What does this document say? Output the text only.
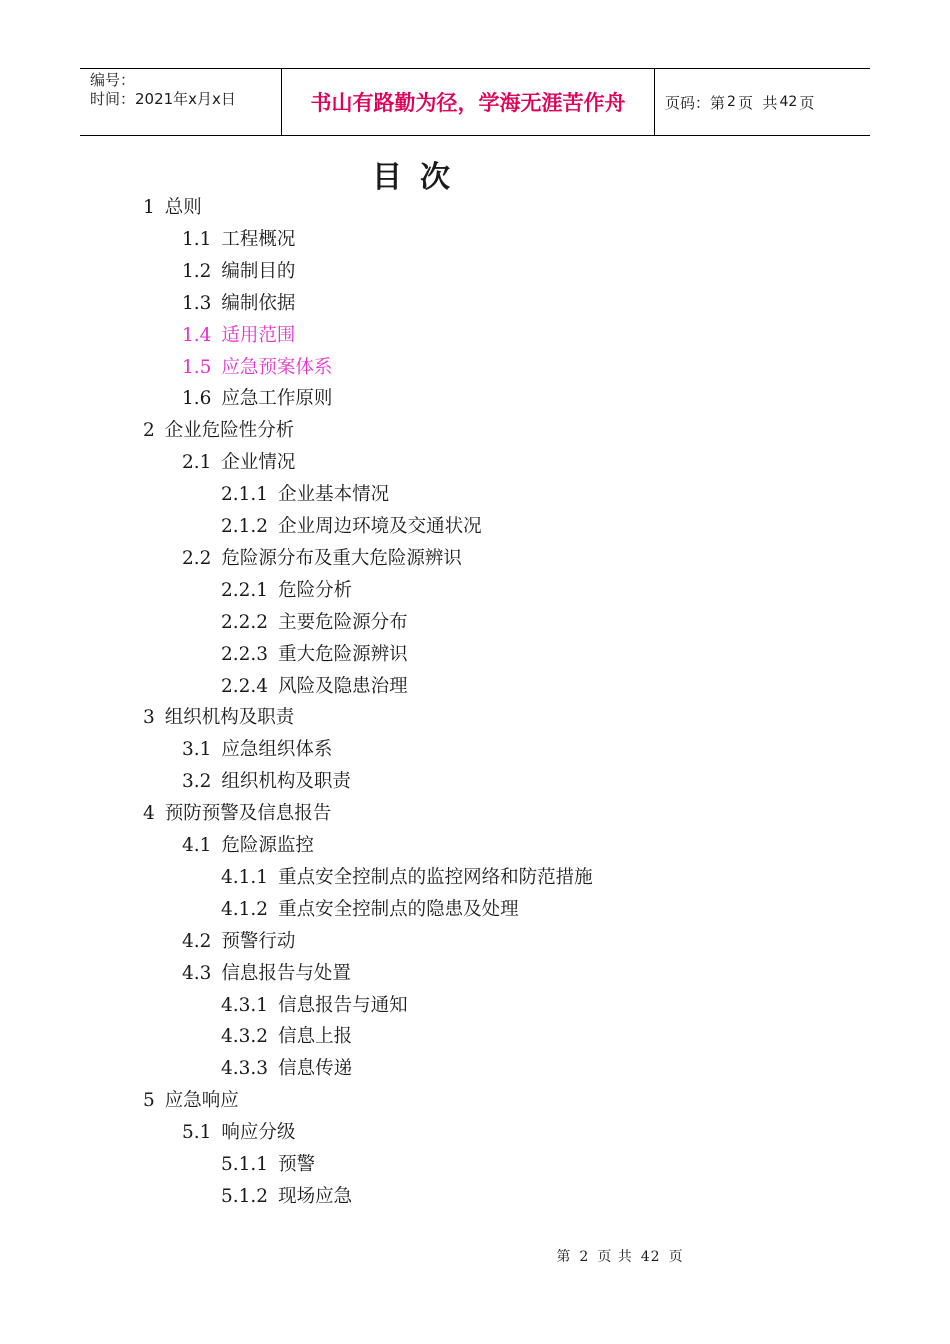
编号：
时间：2021年x月x日	书山有路勤为径，学海无涯苦作舟	页码：第 2 页  共 42 页
目次
1 总则
1.1 工程概况
1.2 编制目的
1.3 编制依据
1.4 适用范围
1.5 应急预案体系
1.6 应急工作原则
2 企业危险性分析
2.1 企业情况
2.1.1 企业基本情况
2.1.2 企业周边环境及交通状况
2.2 危险源分布及重大危险源辨识
2.2.1 危险分析
2.2.2 主要危险源分布
2.2.3 重大危险源辨识
2.2.4 风险及隐患治理
3 组织机构及职责
3.1 应急组织体系
3.2 组织机构及职责
4 预防预警及信息报告
4.1 危险源监控
4.1.1 重点安全控制点的监控网络和防范措施
4.1.2 重点安全控制点的隐患及处理
4.2 预警行动
4.3 信息报告与处置
4.3.1 信息报告与通知
4.3.2 信息上报
4.3.3 信息传递
5 应急响应
5.1 响应分级
5.1.1 预警
5.1.2 现场应急
第 2 页 共 42 页
